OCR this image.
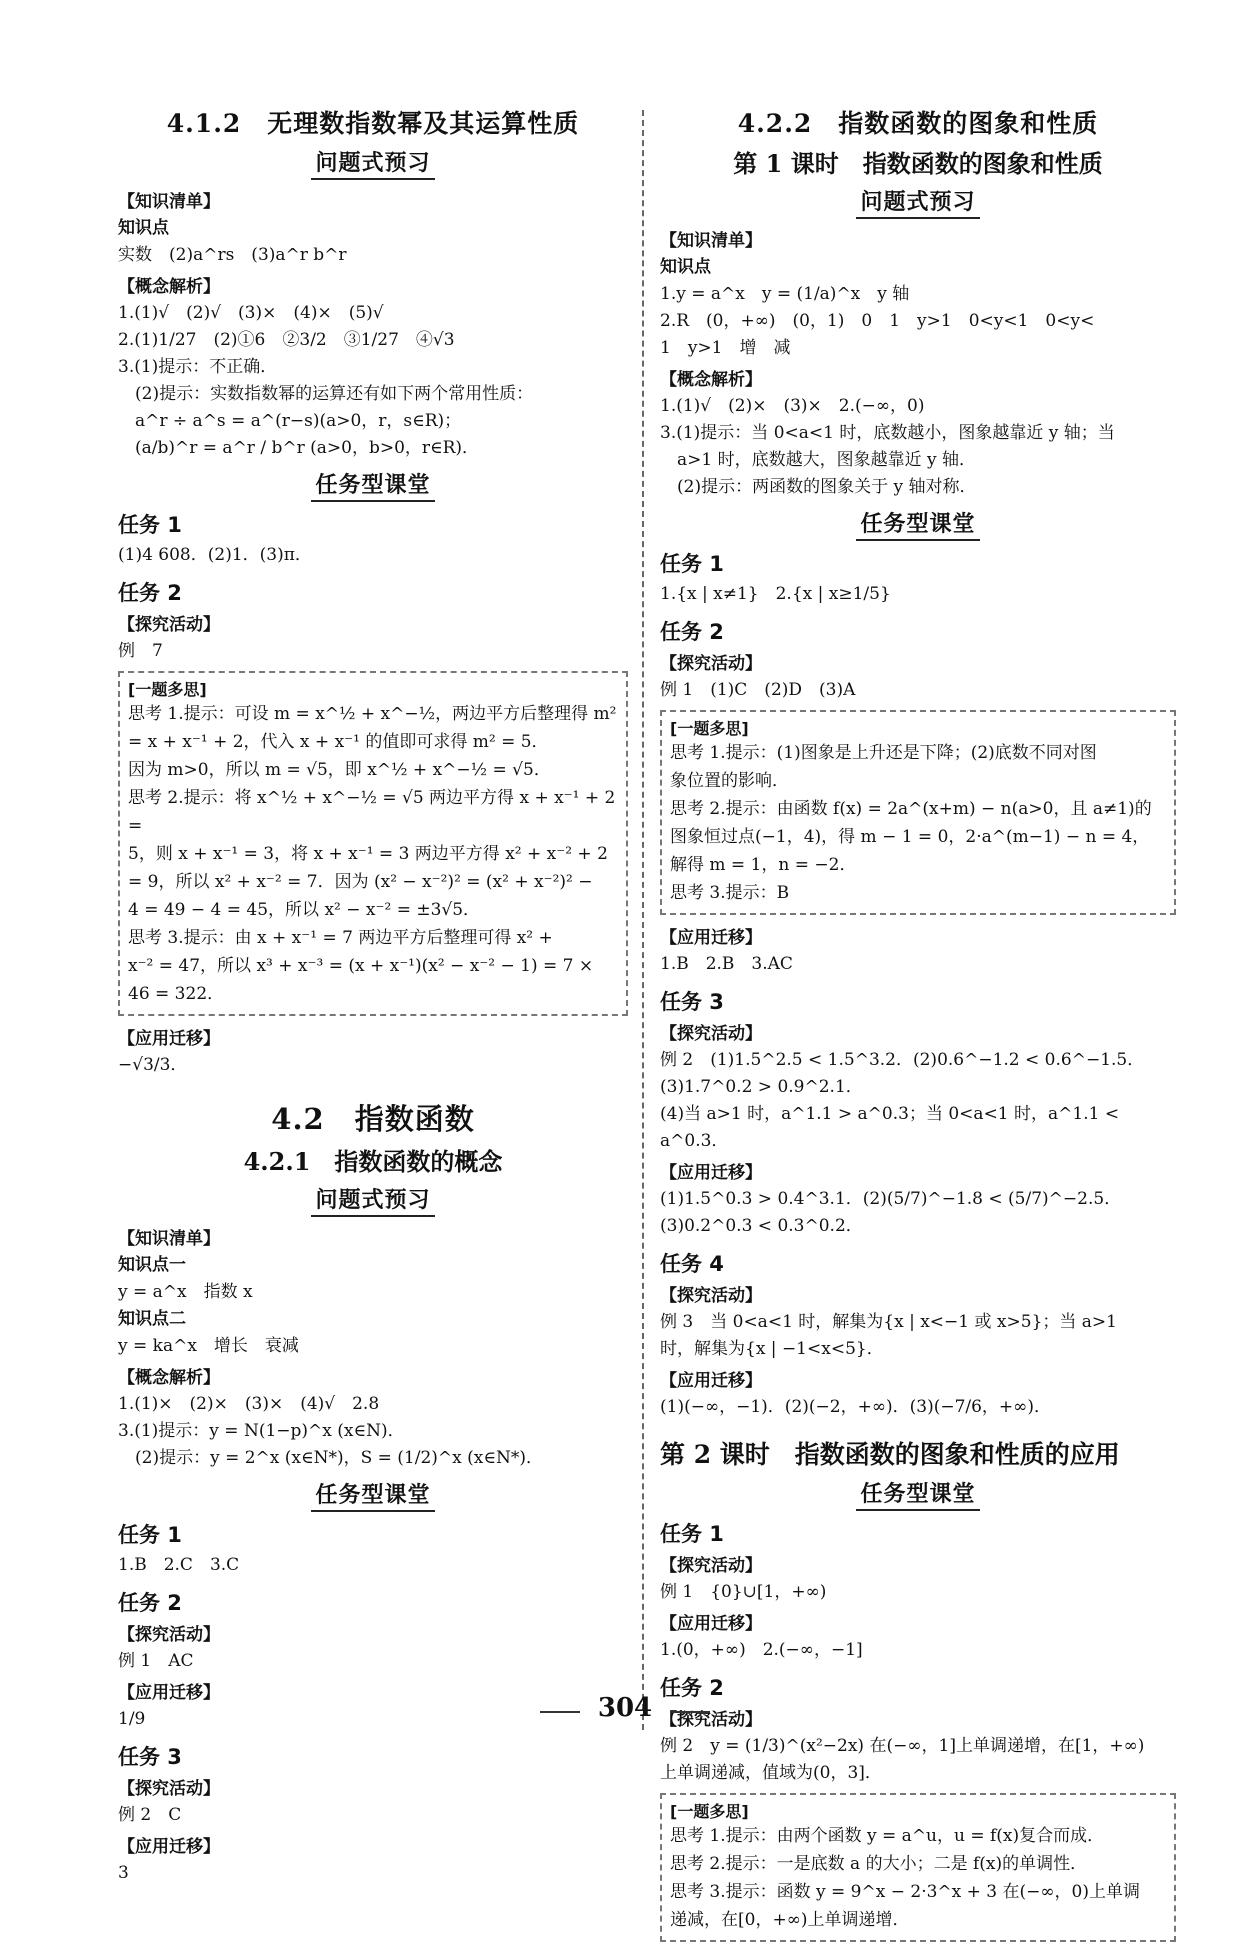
4.1.2　无理数指数幂及其运算性质
问题式预习
【知识清单】

知识点

实数　(2)a^rs　(3)a^r b^r

【概念解析】

1.(1)√　(2)√　(3)×　(4)×　(5)√

2.(1)1/27　(2)①6　②3/2　③1/27　④√3

3.(1)提示：不正确．

　(2)提示：实数指数幂的运算还有如下两个常用性质：

　a^r ÷ a^s = a^(r−s)(a>0，r，s∈R)；

　(a/b)^r = a^r / b^r (a>0，b>0，r∈R)．

任务型课堂
任务 1

(1)4 608．(2)1．(3)π．

任务 2
【探究活动】

例　7

[一题多思]

思考 1.提示：可设 m = x^½ + x^−½，两边平方后整理得 m²

= x + x⁻¹ + 2，代入 x + x⁻¹ 的值即可求得 m² = 5．

因为 m>0，所以 m = √5，即 x^½ + x^−½ = √5．

思考 2.提示：将 x^½ + x^−½ = √5 两边平方得 x + x⁻¹ + 2 =

5，则 x + x⁻¹ = 3，将 x + x⁻¹ = 3 两边平方得 x² + x⁻² + 2

= 9，所以 x² + x⁻² = 7．因为 (x² − x⁻²)² = (x² + x⁻²)² −

4 = 49 − 4 = 45，所以 x² − x⁻² = ±3√5．

思考 3.提示：由 x + x⁻¹ = 7 两边平方后整理可得 x² +

x⁻² = 47，所以 x³ + x⁻³ = (x + x⁻¹)(x² − x⁻² − 1) = 7 ×

46 = 322．

【应用迁移】

−√3/3．

4.2　指数函数
4.2.1　指数函数的概念
问题式预习
【知识清单】

知识点一

y = a^x　指数 x

知识点二

y = ka^x　增长　衰减

【概念解析】

1.(1)×　(2)×　(3)×　(4)√　2.8

3.(1)提示：y = N(1−p)^x (x∈N)．

　(2)提示：y = 2^x (x∈N*)，S = (1/2)^x (x∈N*)．

任务型课堂
任务 1

1.B　2.C　3.C

任务 2
【探究活动】

例 1　AC

【应用迁移】

1/9

任务 3
【探究活动】

例 2　C

【应用迁移】

3

4.2.2　指数函数的图象和性质
第 1 课时　指数函数的图象和性质
问题式预习
【知识清单】

知识点

1.y = a^x　y = (1/a)^x　y 轴

2.R　(0，+∞)　(0，1)　0　1　y>1　0<y<1　0<y<

1　y>1　增　减

【概念解析】

1.(1)√　(2)×　(3)×　2.(−∞，0)

3.(1)提示：当 0<a<1 时，底数越小，图象越靠近 y 轴；当

　a>1 时，底数越大，图象越靠近 y 轴．

　(2)提示：两函数的图象关于 y 轴对称．

任务型课堂
任务 1

1.{x | x≠1}　2.{x | x≥1/5}

任务 2
【探究活动】

例 1　(1)C　(2)D　(3)A

[一题多思]

思考 1.提示：(1)图象是上升还是下降；(2)底数不同对图

象位置的影响．

思考 2.提示：由函数 f(x) = 2a^(x+m) − n(a>0，且 a≠1)的

图象恒过点(−1，4)，得 m − 1 = 0，2·a^(m−1) − n = 4，

解得 m = 1，n = −2．

思考 3.提示：B

【应用迁移】

1.B　2.B　3.AC

任务 3
【探究活动】

例 2　(1)1.5^2.5 < 1.5^3.2．(2)0.6^−1.2 < 0.6^−1.5．

(3)1.7^0.2 > 0.9^2.1．

(4)当 a>1 时，a^1.1 > a^0.3；当 0<a<1 时，a^1.1 < a^0.3．

【应用迁移】

(1)1.5^0.3 > 0.4^3.1．(2)(5/7)^−1.8 < (5/7)^−2.5．

(3)0.2^0.3 < 0.3^0.2．

任务 4
【探究活动】

例 3　当 0<a<1 时，解集为{x | x<−1 或 x>5}；当 a>1

时，解集为{x | −1<x<5}．

【应用迁移】

(1)(−∞，−1)．(2)(−2，+∞)．(3)(−7/6，+∞)．

第 2 课时　指数函数的图象和性质的应用
任务型课堂
任务 1
【探究活动】

例 1　{0}∪[1，+∞)

【应用迁移】

1.(0，+∞)　2.(−∞，−1]

任务 2
【探究活动】

例 2　y = (1/3)^(x²−2x) 在(−∞，1]上单调递增，在[1，+∞)

上单调递减，值域为(0，3]．

[一题多思]

思考 1.提示：由两个函数 y = a^u，u = f(x)复合而成．

思考 2.提示：一是底数 a 的大小；二是 f(x)的单调性．

思考 3.提示：函数 y = 9^x − 2·3^x + 3 在(−∞，0)上单调

递减，在[0，+∞)上单调递增．

304
